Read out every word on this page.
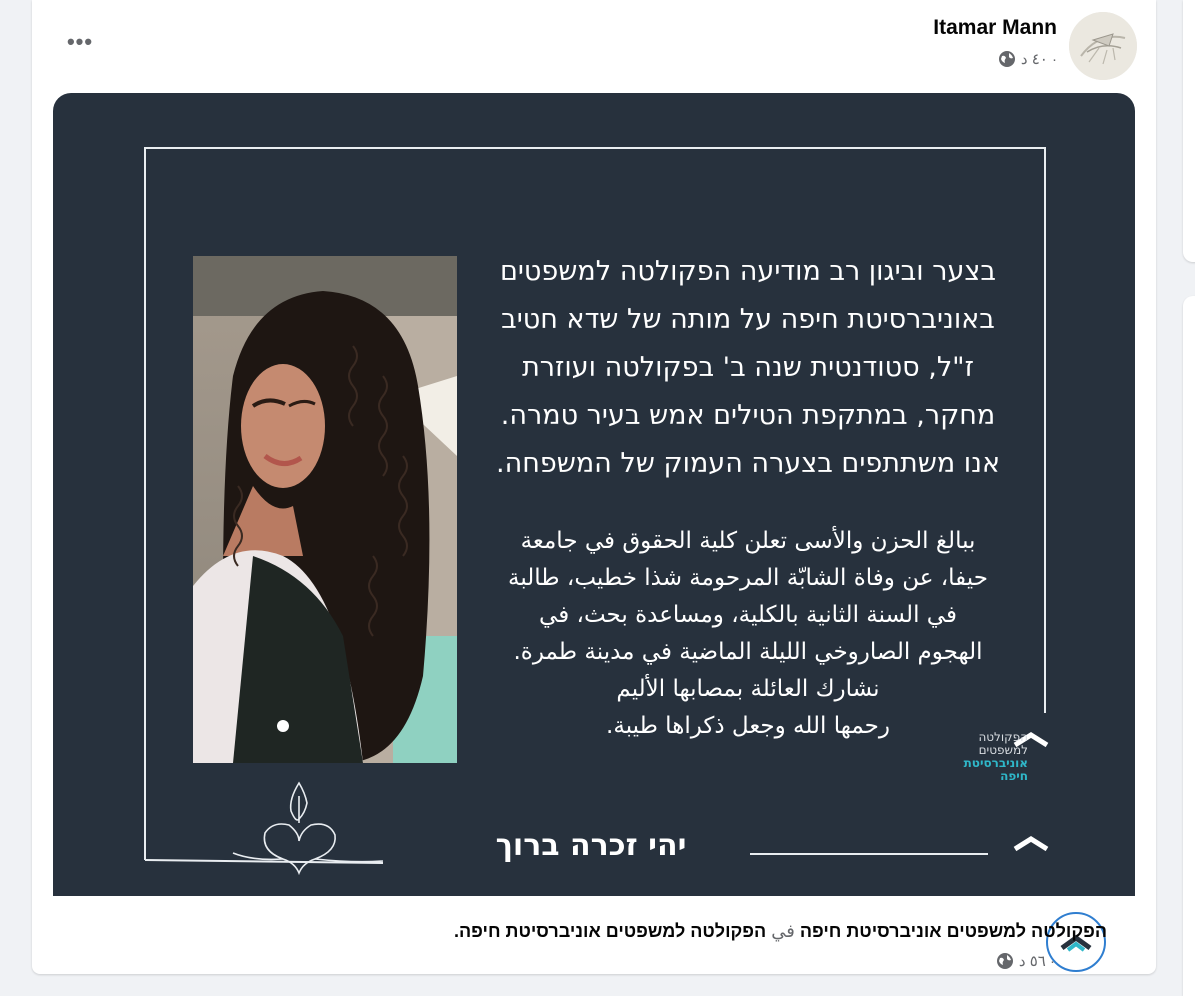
•••
Itamar Mann
٤٠ د ·

בצער וביגון רב מודיעה הפקולטה למשפטים

באוניברסיטת חיפה על מותה של שדא חטיב

ז"ל, סטודנטית שנה ב' בפקולטה ועוזרת

מחקר, במתקפת הטילים אמש בעיר טמרה.

אנו משתתפים בצערה העמוק של המשפחה.

ببالغ الحزن والأسى تعلن كلية الحقوق في جامعة

حيفا، عن وفاة الشابّة المرحومة شذا خطيب، طالبة

في السنة الثانية بالكلية، ومساعدة بحث، في

الهجوم الصاروخي الليلة الماضية في مدينة طمرة.

نشارك العائلة بمصابها الأليم

رحمها الله وجعل ذكراها طيبة.

יהי זכרה ברוך
הפקולטה
למשפטים
אוניברסיטת
חיפה
הפקולטה למשפטים אוניברסיטת חיפה في הפקולטה למשפטים אוניברסיטת חיפה.
٥٦ د ·
